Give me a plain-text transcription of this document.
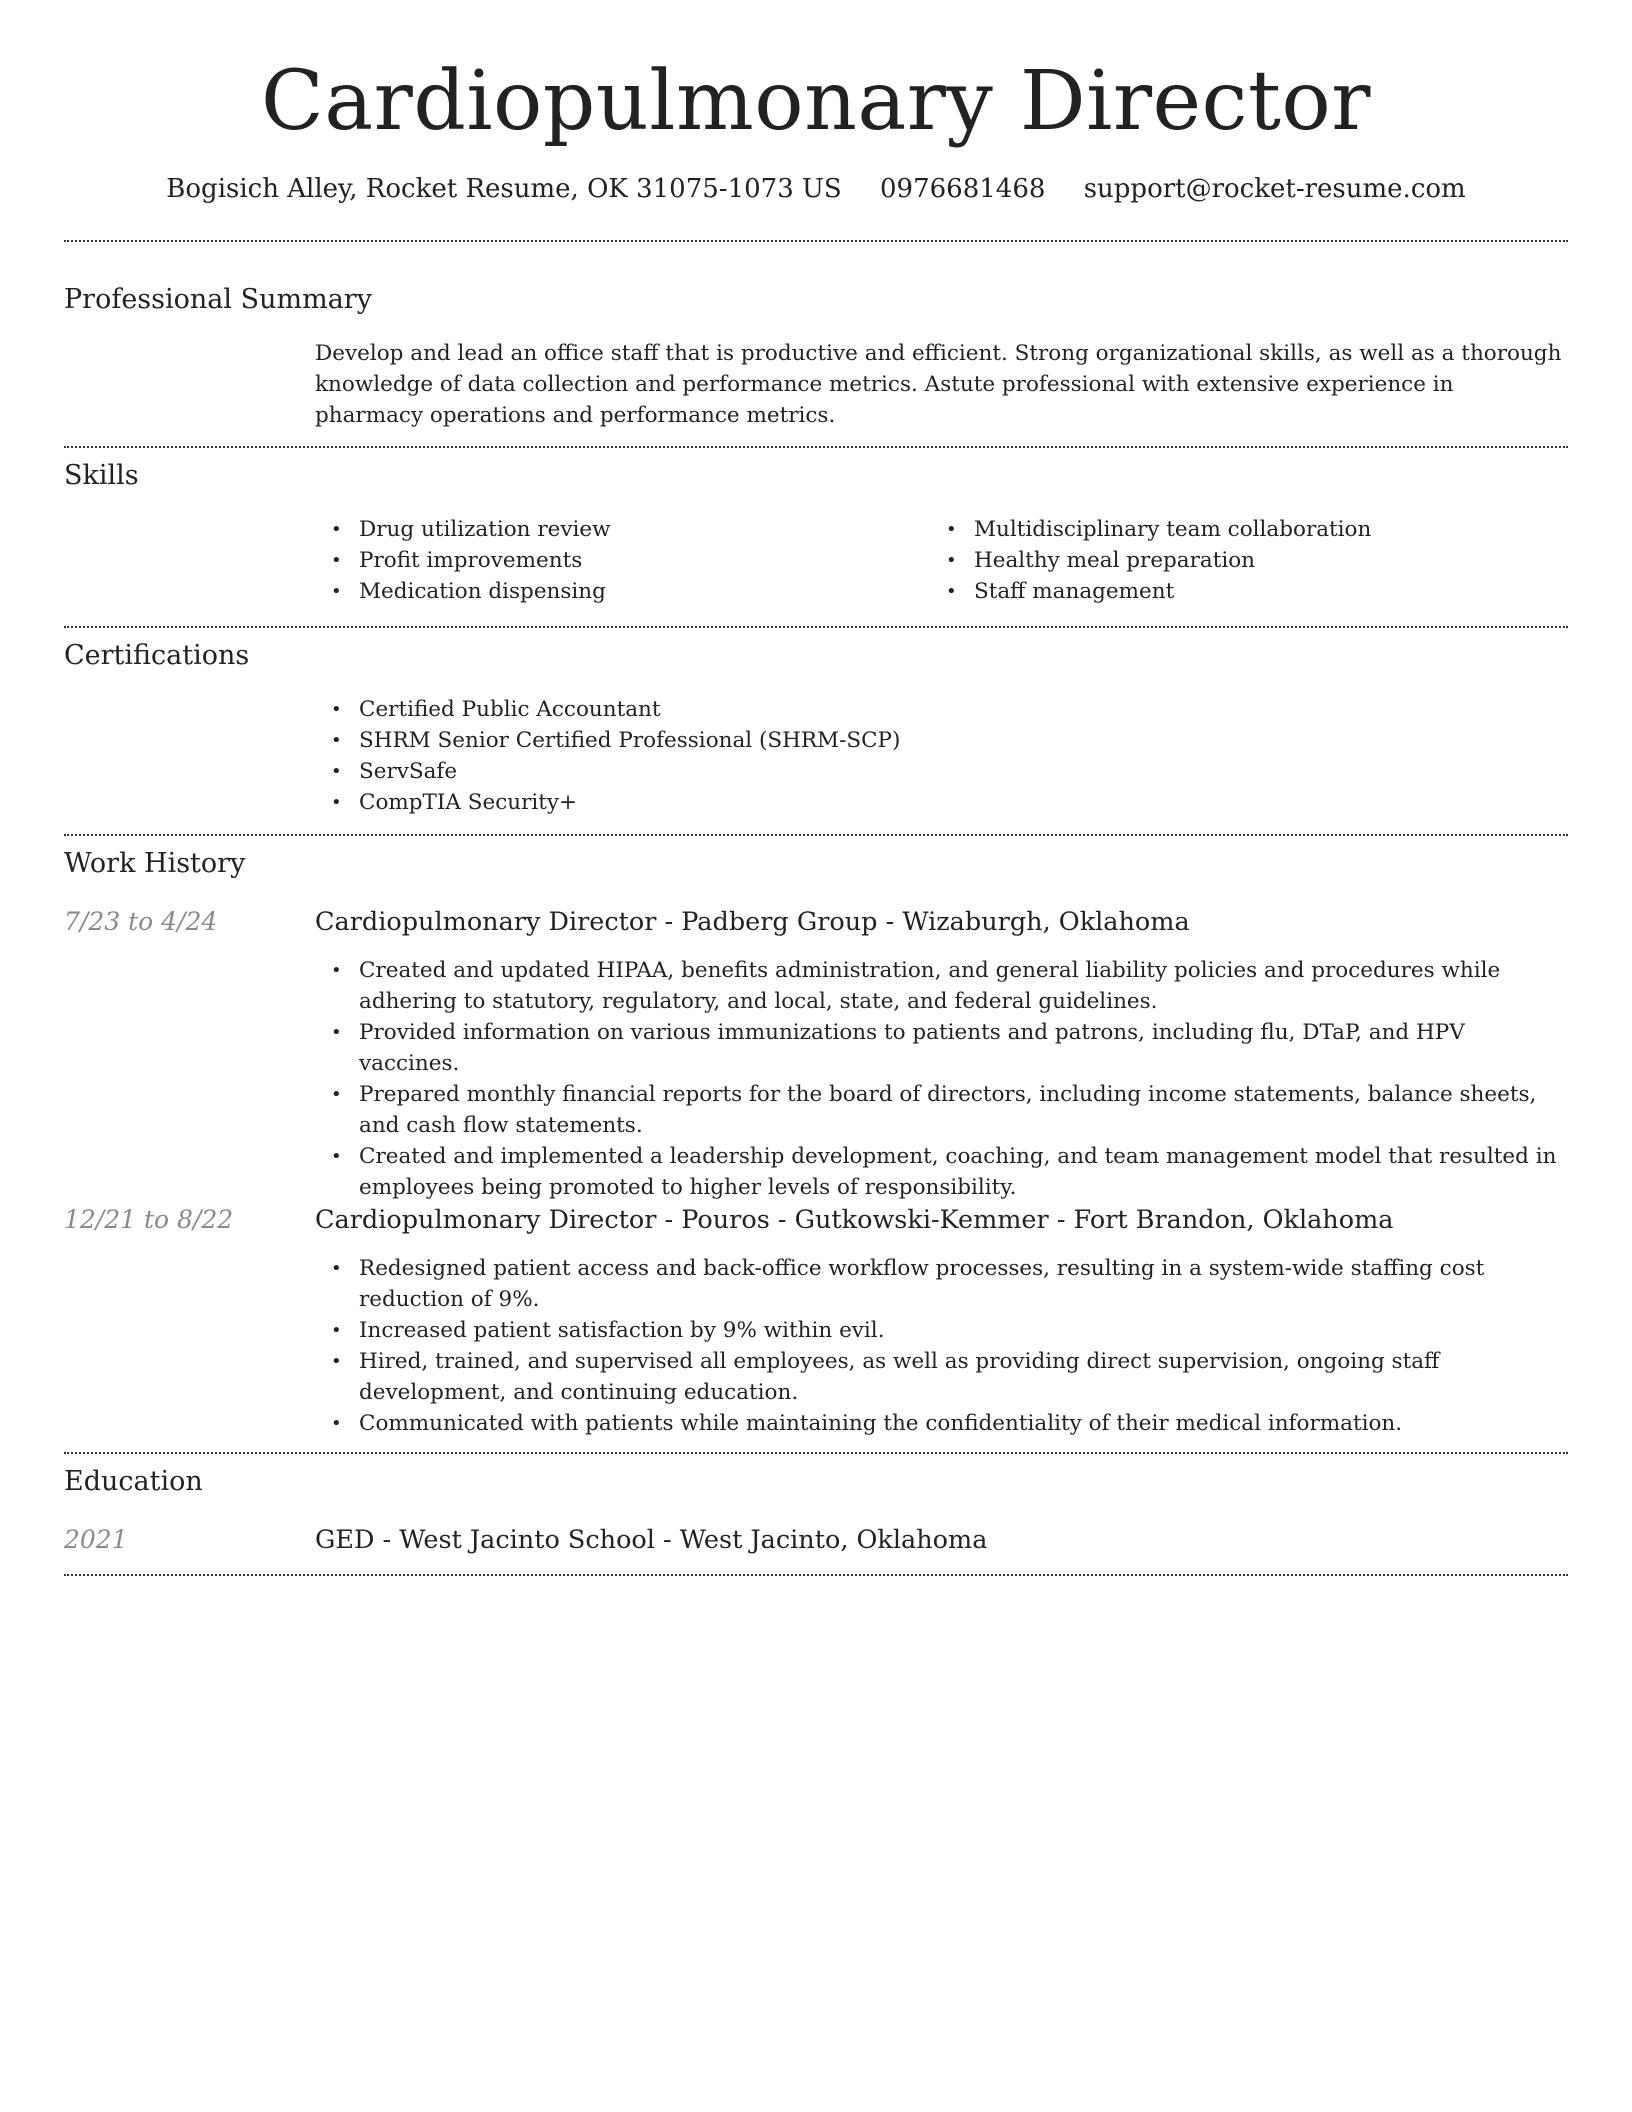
Cardiopulmonary Director
Bogisich Alley, Rocket Resume, OK 31075-1073 US 0976681468 support@rocket-resume.com
Professional Summary
Develop and lead an office staff that is productive and efficient. Strong organizational skills, as well as a thorough knowledge of data collection and performance metrics. Astute professional with extensive experience in pharmacy operations and performance metrics.
Skills
• Drug utilization review
• Profit improvements
• Medication dispensing
• Multidisciplinary team collaboration
• Healthy meal preparation
• Staff management
Certifications
• Certified Public Accountant
• SHRM Senior Certified Professional (SHRM-SCP)
• ServSafe
• CompTIA Security+
Work History
7/23 to 4/24	Cardiopulmonary Director - Padberg Group - Wizaburgh, Oklahoma
• Created and updated HIPAA, benefits administration, and general liability policies and procedures while adhering to statutory, regulatory, and local, state, and federal guidelines.
• Provided information on various immunizations to patients and patrons, including flu, DTaP, and HPV vaccines.
• Prepared monthly financial reports for the board of directors, including income statements, balance sheets, and cash flow statements.
• Created and implemented a leadership development, coaching, and team management model that resulted in employees being promoted to higher levels of responsibility.
12/21 to 8/22	Cardiopulmonary Director - Pouros - Gutkowski-Kemmer - Fort Brandon, Oklahoma
• Redesigned patient access and back-office workflow processes, resulting in a system-wide staffing cost reduction of 9%.
• Increased patient satisfaction by 9% within evil.
• Hired, trained, and supervised all employees, as well as providing direct supervision, ongoing staff development, and continuing education.
• Communicated with patients while maintaining the confidentiality of their medical information.
Education
2021	GED - West Jacinto School - West Jacinto, Oklahoma
